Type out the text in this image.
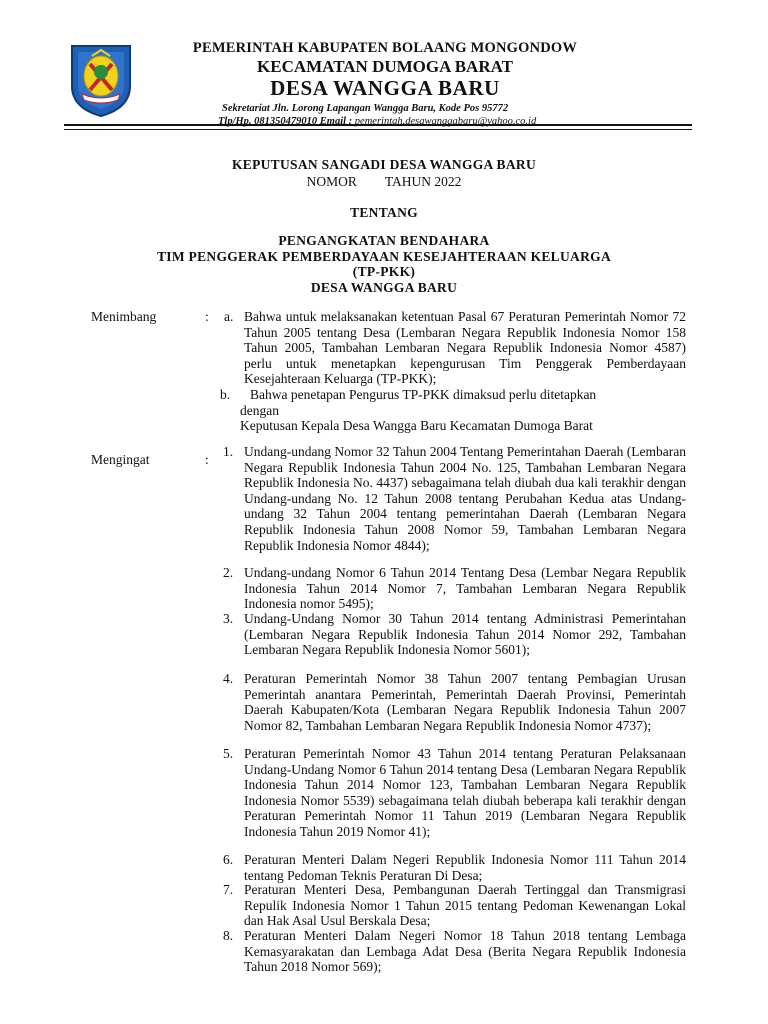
PEMERINTAH KABUPATEN BOLAANG MONGONDOW
KECAMATAN DUMOGA BARAT
DESA WANGGA BARU
Sekretariat Jln. Lorong Lapangan Wangga Baru, Kode Pos 95772
Tlp/Hp. 081350479010 Email : pemerintah.desawanggabaru@yahoo.co.id
KEPUTUSAN SANGADI DESA WANGGA BARU
NOMOR TAHUN 2022
TENTANG
PENGANGKATAN BENDAHARA
TIM PENGGERAK PEMBERDAYAAN KESEJAHTERAAN KELUARGA
(TP-PKK)
DESA WANGGA BARU
Menimbang	: a. Bahwa untuk melaksanakan ketentuan Pasal 67 Peraturan Pemerintah Nomor 72 Tahun 2005 tentang Desa (Lembaran Negara Republik Indonesia Nomor 158 Tahun 2005, Tambahan Lembaran Negara Republik Indonesia Nomor 4587) perlu untuk menetapkan kepengurusan Tim Penggerak Pemberdayaan Kesejahteraan Keluarga (TP-PKK);
b. Bahwa penetapan Pengurus TP-PKK dimaksud perlu ditetapkan
dengan
Keputusan Kepala Desa Wangga Baru Kecamatan Dumoga Barat
Mengingat	:
1. Undang-undang Nomor 32 Tahun 2004 Tentang Pemerintahan Daerah (Lembaran Negara Republik Indonesia Tahun 2004 No. 125, Tambahan Lembaran Negara Republik Indonesia No. 4437) sebagaimana telah diubah dua kali terakhir dengan Undang-undang No. 12 Tahun 2008 tentang Perubahan Kedua atas Undang-undang 32 Tahun 2004 tentang pemerintahan Daerah (Lembaran Negara Republik Indonesia Tahun 2008 Nomor 59, Tambahan Lembaran Negara Republik Indonesia Nomor 4844);
2. Undang-undang Nomor 6 Tahun 2014 Tentang Desa (Lembar Negara Republik Indonesia Tahun 2014 Nomor 7, Tambahan Lembaran Negara Republik Indonesia nomor 5495);
3. Undang-Undang Nomor 30 Tahun 2014 tentang Administrasi Pemerintahan (Lembaran Negara Republik Indonesia Tahun 2014 Nomor 292, Tambahan Lembaran Negara Republik Indonesia Nomor 5601);
4. Peraturan Pemerintah Nomor 38 Tahun 2007 tentang Pembagian Urusan Pemerintah anantara Pemerintah, Pemerintah Daerah Provinsi, Pemerintah Daerah Kabupaten/Kota (Lembaran Negara Republik Indonesia Tahun 2007 Nomor 82, Tambahan Lembaran Negara Republik Indonesia Nomor 4737);
5. Peraturan Pemerintah Nomor 43 Tahun 2014 tentang Peraturan Pelaksanaan Undang-Undang Nomor 6 Tahun 2014 tentang Desa (Lembaran Negara Republik Indonesia Tahun 2014 Nomor 123, Tambahan Lembaran Negara Republik Indonesia Nomor 5539) sebagaimana telah diubah beberapa kali terakhir dengan Peraturan Pemerintah Nomor 11 Tahun 2019 (Lembaran Negara Republik Indonesia Tahun 2019 Nomor 41);
6. Peraturan Menteri Dalam Negeri Republik Indonesia Nomor 111 Tahun 2014 tentang Pedoman Teknis Peraturan Di Desa;
7. Peraturan Menteri Desa, Pembangunan Daerah Tertinggal dan Transmigrasi Repulik Indonesia Nomor 1 Tahun 2015 tentang Pedoman Kewenangan Lokal dan Hak Asal Usul Berskala Desa;
8. Peraturan Menteri Dalam Negeri Nomor 18 Tahun 2018 tentang Lembaga Kemasyarakatan dan Lembaga Adat Desa (Berita Negara Republik Indonesia Tahun 2018 Nomor 569);
